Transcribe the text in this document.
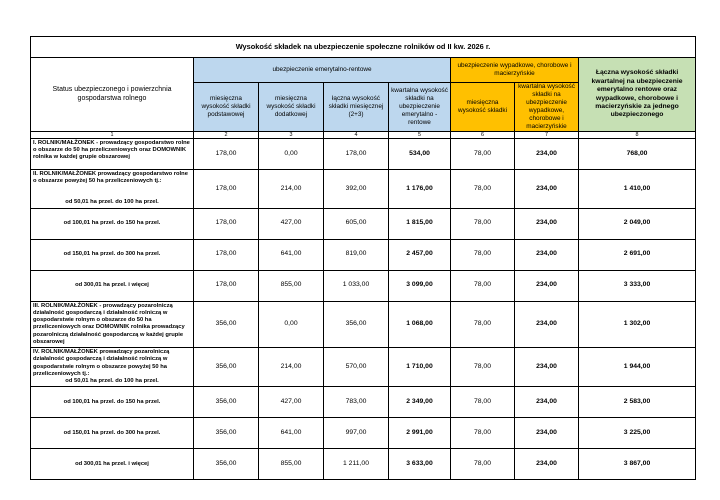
Wysokość składek na ubezpieczenie społeczne rolników od II kw. 2026 r.							
Status ubezpieczonego i powierzchnia gospodarstwa rolnego	ubezpieczenie emerytalno-rentowe				ubezpieczenie wypadkowe, chorobowe i macierzyńskie		Łączna wysokość składki kwartalnej na ubezpieczenie emerytalno rentowe oraz wypadkowe, chorobowe i macierzyńskie za jednego ubezpieczonego
	miesięczna wysokość składki podstawowej	miesięczna wysokość składki dodatkowej	łączna wysokość składki miesięcznej (2+3)	kwartalna wysokość składki na ubezpieczenie emerytalno - rentowe	miesięczna wysokość składki	kwartalna wysokość składki na ubezpieczenie wypadkowe, chorobowe i macierzyńskie	
1	2	3	4	5	6	7	8
I. ROLNIK/MAŁŻONEK - prowadzący gospodarstwo rolne o obszarze do 50 ha przeliczeniowych oraz DOMOWNIK rolnika w każdej grupie obszarowej	178,00	0,00	178,00	534,00	78,00	234,00	768,00
II. ROLNIK/MAŁŻONEK prowadzący gospodarstwo rolne o obszarze powyżej 50 ha przeliczeniowych tj.:
od 50,01 ha przel. do 100 ha przel.	178,00	214,00	392,00	1 176,00	78,00	234,00	1 410,00

od 100,01 ha przel. do 150 ha przel.	178,00	427,00	605,00	1 815,00	78,00	234,00	2 049,00

od 150,01 ha przel. do 300 ha przel.	178,00	641,00	819,00	2 457,00	78,00	234,00	2 691,00

od 300,01 ha przel. i więcej	178,00	855,00	1 033,00	3 099,00	78,00	234,00	3 333,00
III. ROLNIK/MAŁŻONEK - prowadzący pozarolniczą działalność gospodarczą i działalność rolniczą w gospodarstwie rolnym o obszarze do 50 ha przeliczeniowych oraz DOMOWNIK rolnika prowadzący pozarolniczą działalność gospodarczą w każdej grupie obszarowej	356,00	0,00	356,00	1 068,00	78,00	234,00	1 302,00
IV. ROLNIK/MAŁŻONEK prowadzący pozarolniczą działalność gospodarczą i działalność rolniczą w gospodarstwie rolnym o obszarze powyżej 50 ha przeliczeniowych tj.:
od 50,01 ha przel. do 100 ha przel.	356,00	214,00	570,00	1 710,00	78,00	234,00	1 944,00

od 100,01 ha przel. do 150 ha przel.	356,00	427,00	783,00	2 349,00	78,00	234,00	2 583,00

od 150,01 ha przel. do 300 ha przel.	356,00	641,00	997,00	2 991,00	78,00	234,00	3 225,00

od 300,01 ha przel. i więcej	356,00	855,00	1 211,00	3 633,00	78,00	234,00	3 867,00
